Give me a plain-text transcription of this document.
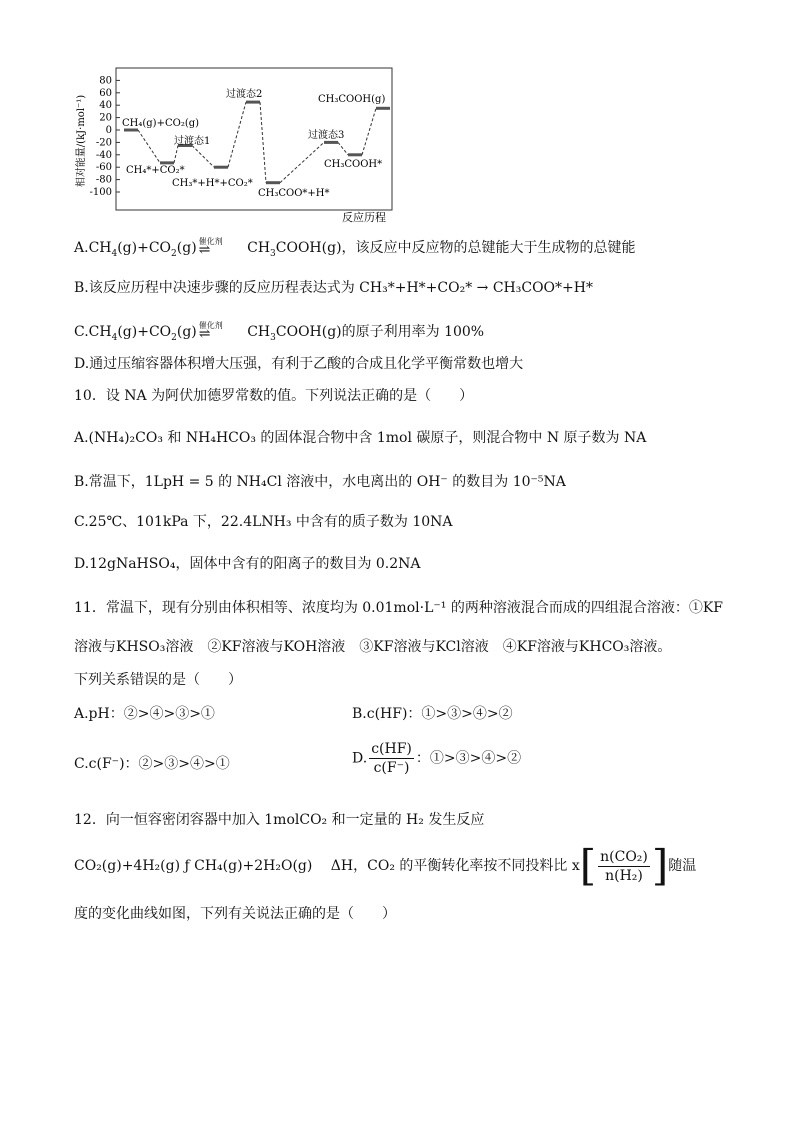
相对能量/(kJ·mol⁻¹)
80
60
40
20
0
-20
-40
-60
-80
-100
CH₄(g)+CO₂(g)
过渡态2	CH₃COOH(g)
过渡态1
过渡态3
CH₄*+CO₂*
CH₃COOH*
CH₃*+H*+CO₂*
CH₃COO*+H*
反应历程
$A.CH_4(g)+CO_2(g)$ 催化剂
⇌ $CH_3COOH(g)$，该反应中反应物的总键能大于生成物的总键能
B.该反应历程中决速步骤的反应历程表达式为 CH₃*+H*+CO₂* → CH₃COO*+H*
$C.CH_4(g)+CO_2(g)$ 催化剂
⇌ $CH_3COOH(g)$的原子利用率为 100%
D.通过压缩容器体积增大压强，有利于乙酸的合成且化学平衡常数也增大
10．设 NA 为阿伏加德罗常数的值。下列说法正确的是（　　）
A.(NH₄)₂CO₃ 和 NH₄HCO₃ 的固体混合物中含 1mol 碳原子，则混合物中 N 原子数为 NA
B.常温下，1LpH = 5 的 NH₄Cl 溶液中，水电离出的 OH⁻ 的数目为 10⁻⁵NA
C.25℃、101kPa 下，22.4LNH₃ 中含有的质子数为 10NA
D.12gNaHSO₄，固体中含有的阳离子的数目为 0.2NA
11．常温下，现有分别由体积相等、浓度均为 0.01mol·L⁻¹ 的两种溶液混合而成的四组混合溶液：①KF
溶液与KHSO₃溶液　②KF溶液与KOH溶液　③KF溶液与KCl溶液　④KF溶液与KHCO₃溶液。
下列关系错误的是（　　）
A.pH：②>④>③>①	B.c(HF)：①>③>④>②
C.c(F⁻)：②>③>④>①	D. $\frac{c(HF)}{c(F^-)}$ ：①>③>④>②
12．向一恒容密闭容器中加入 1molCO₂ 和一定量的 H₂ 发生反应
CO₂(g)+4H₂(g) ƒ CH₄(g)+2H₂O(g)　 ΔH，CO₂ 的平衡转化率按不同投料比 $x[ \frac{\text{n(CO₂)}}{\text{n(H₂)}}$ ]随温
度的变化曲线如图，下列有关说法正确的是（　　）
